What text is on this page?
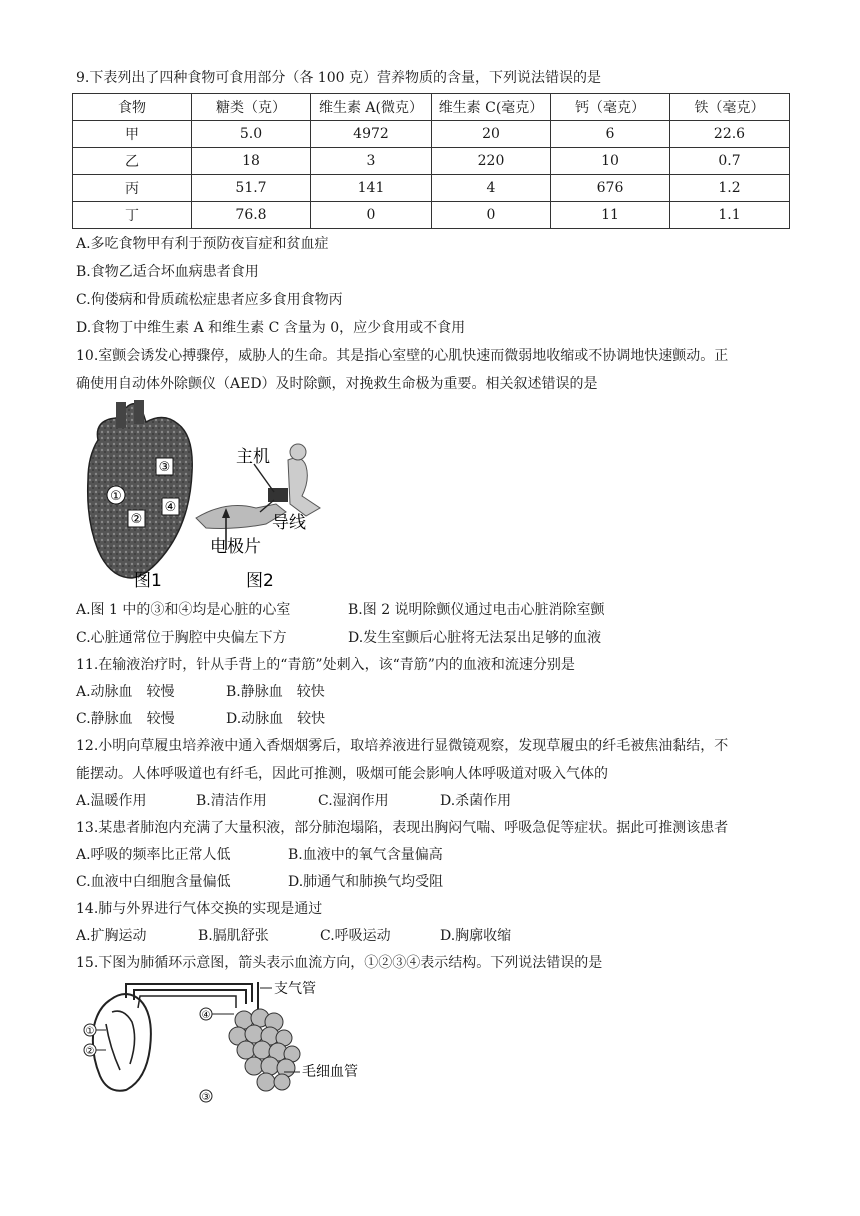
9.下表列出了四种食物可食用部分（各 100 克）营养物质的含量，下列说法错误的是
食物	糖类（克）	维生素 A(微克）	维生素 C(毫克）	钙（毫克）	铁（毫克）
甲	5.0	4972	20	6	22.6
乙	18	3	220	10	0.7
丙	51.7	141	4	676	1.2
丁	76.8	0	0	11	1.1
A.多吃食物甲有利于预防夜盲症和贫血症
B.食物乙适合坏血病患者食用
C.佝偻病和骨质疏松症患者应多食用食物丙
D.食物丁中维生素 A 和维生素 C 含量为 0，应少食用或不食用
10.室颤会诱发心搏骤停，威胁人的生命。其是指心室壁的心肌快速而微弱地收缩或不协调地快速颤动。正
确使用自动体外除颤仪（AED）及时除颤，对挽救生命极为重要。相关叙述错误的是
③
①
②
④
主机
导线
电极片
图1	图2
A.图 1 中的③和④均是心脏的心室	B.图 2 说明除颤仪通过电击心脏消除室颤
C.心脏通常位于胸腔中央偏左下方	D.发生室颤后心脏将无法泵出足够的血液
11.在输液治疗时，针从手背上的“青筋”处刺入，该“青筋”内的血液和流速分别是
A.动脉血　较慢	B.静脉血　较快
C.静脉血　较慢	D.动脉血　较快
12.小明向草履虫培养液中通入香烟烟雾后，取培养液进行显微镜观察，发现草履虫的纤毛被焦油黏结，不
能摆动。人体呼吸道也有纤毛，因此可推测，吸烟可能会影响人体呼吸道对吸入气体的
A.温暖作用	B.清洁作用	C.湿润作用	D.杀菌作用
13.某患者肺泡内充满了大量积液，部分肺泡塌陷，表现出胸闷气喘、呼吸急促等症状。据此可推测该患者
A.呼吸的频率比正常人低	B.血液中的氧气含量偏高
C.血液中白细胞含量偏低	D.肺通气和肺换气均受阻
14.肺与外界进行气体交换的实现是通过
A.扩胸运动	B.膈肌舒张	C.呼吸运动	D.胸廓收缩
15.下图为肺循环示意图，箭头表示血流方向，①②③④表示结构。下列说法错误的是
①
②
④
③
支气管
毛细血管
